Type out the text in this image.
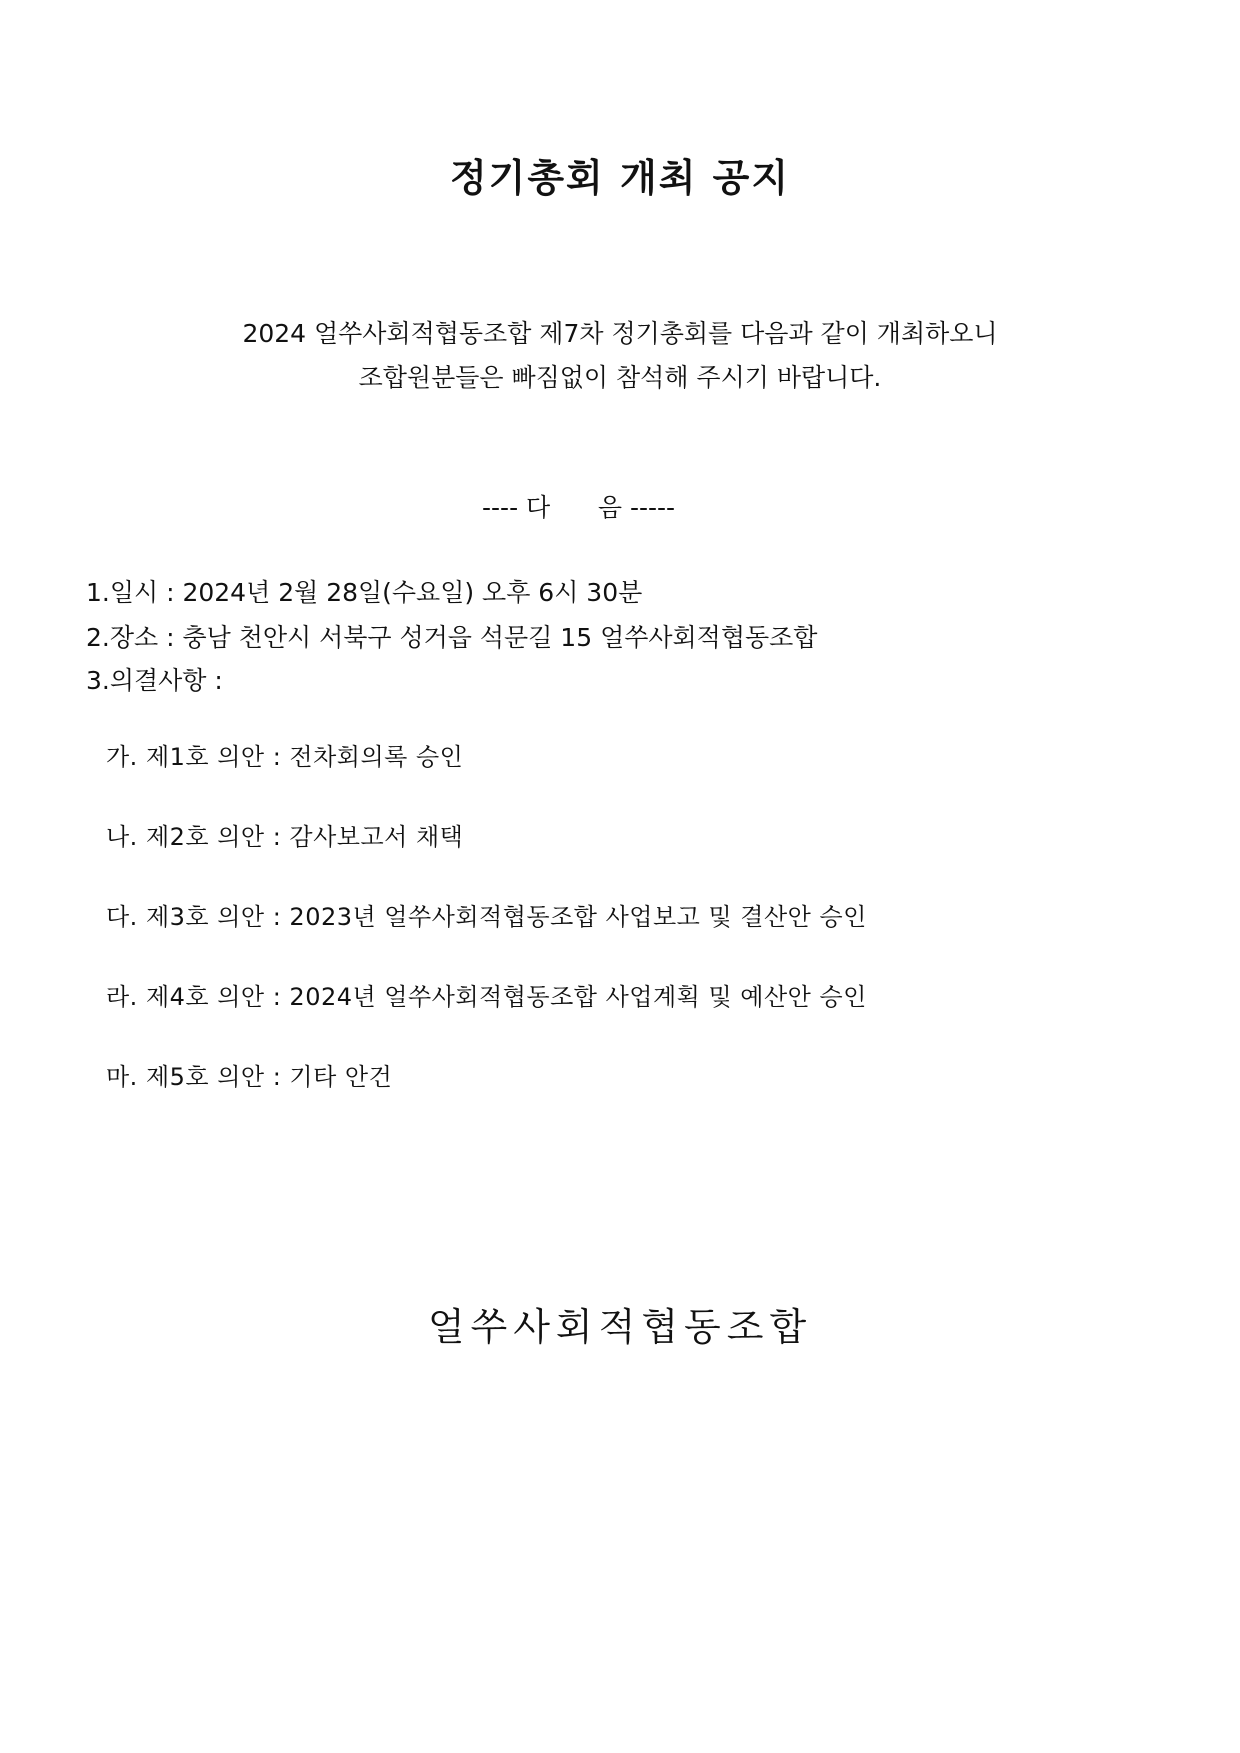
정기총회 개최 공지
2024 얼쑤사회적협동조합 제7차 정기총회를 다음과 같이 개최하오니
조합원분들은 빠짐없이 참석해 주시기 바랍니다.
---- 다      음 -----
1.일시 : 2024년 2월 28일(수요일) 오후 6시 30분
2.장소 : 충남 천안시 서북구 성거읍 석문길 15 얼쑤사회적협동조합
3.의결사항 :
가. 제1호 의안 : 전차회의록 승인
나. 제2호 의안 : 감사보고서 채택
다. 제3호 의안 : 2023년 얼쑤사회적협동조합 사업보고 및 결산안 승인
라. 제4호 의안 : 2024년 얼쑤사회적협동조합 사업계획 및 예산안 승인
마. 제5호 의안 : 기타 안건
얼쑤사회적협동조합
